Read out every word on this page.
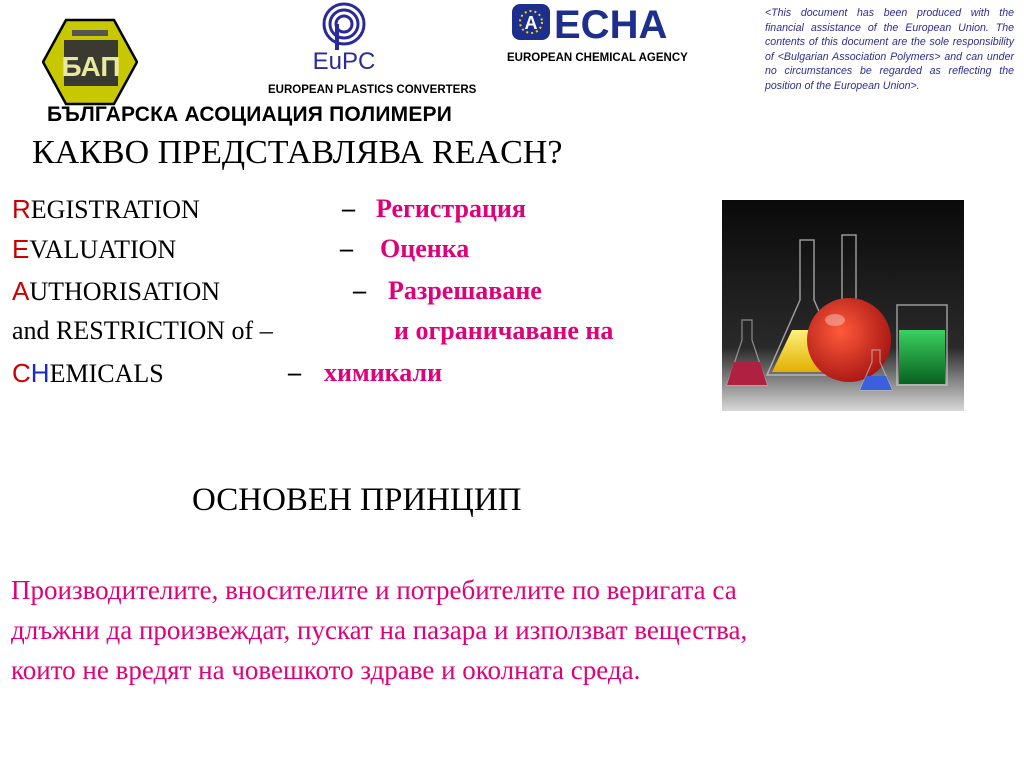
БАП
БЪЛГАРСКА АСОЦИАЦИЯ ПОЛИМЕРИ
EuPC
EUROPEAN PLASTICS CONVERTERS
A ECHA
EUROPEAN CHEMICAL AGENCY
<This document has been produced with the financial assistance of the European Union. The contents of this document are the sole responsibility of <Bulgarian Association Polymers> and can under no circumstances be regarded as reflecting the position of the European Union>.
КАКВО ПРЕДСТАВЛЯВА REACH?
REGISTRATION	– Регистрация
EVALUATION	– Оценка
AUTHORISATION	– Разрешаване
and RESTRICTION of –	и ограничаване на
CHEMICALS	– химикали
ОСНОВЕН ПРИНЦИП
Производителите, вносителите и потребителите по веригата са
длъжни да произвеждат, пускат на пазара и използват вещества,
които не вредят на човешкото здраве и околната среда.
